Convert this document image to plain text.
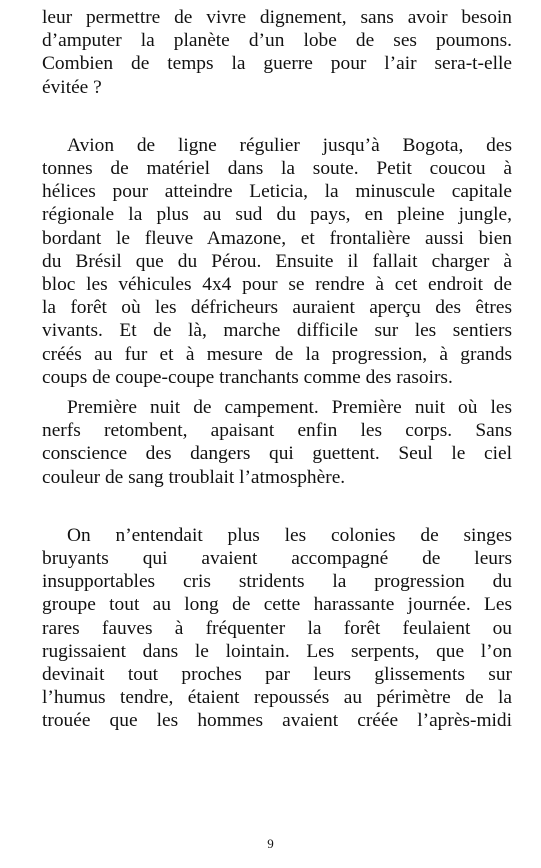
leur permettre de vivre dignement, sans avoir besoin
d’amputer la planète d’un lobe de ses poumons.
Combien de temps la guerre pour l’air sera-t-elle
évitée ?
Avion de ligne régulier jusqu’à Bogota, des
tonnes de matériel dans la soute. Petit coucou à
hélices pour atteindre Leticia, la minuscule capitale
régionale la plus au sud du pays, en pleine jungle,
bordant le fleuve Amazone, et frontalière aussi bien
du Brésil que du Pérou. Ensuite il fallait charger à
bloc les véhicules 4x4 pour se rendre à cet endroit de
la forêt où les défricheurs auraient aperçu des êtres
vivants. Et de là, marche difficile sur les sentiers
créés au fur et à mesure de la progression, à grands
coups de coupe-coupe tranchants comme des rasoirs.
Première nuit de campement. Première nuit où les
nerfs retombent, apaisant enfin les corps. Sans
conscience des dangers qui guettent. Seul le ciel
couleur de sang troublait l’atmosphère.
On n’entendait plus les colonies de singes
bruyants qui avaient accompagné de leurs
insupportables cris stridents la progression du
groupe tout au long de cette harassante journée. Les
rares fauves à fréquenter la forêt feulaient ou
rugissaient dans le lointain. Les serpents, que l’on
devinait tout proches par leurs glissements sur
l’humus tendre, étaient repoussés au périmètre de la
trouée que les hommes avaient créée l’après-midi
9
